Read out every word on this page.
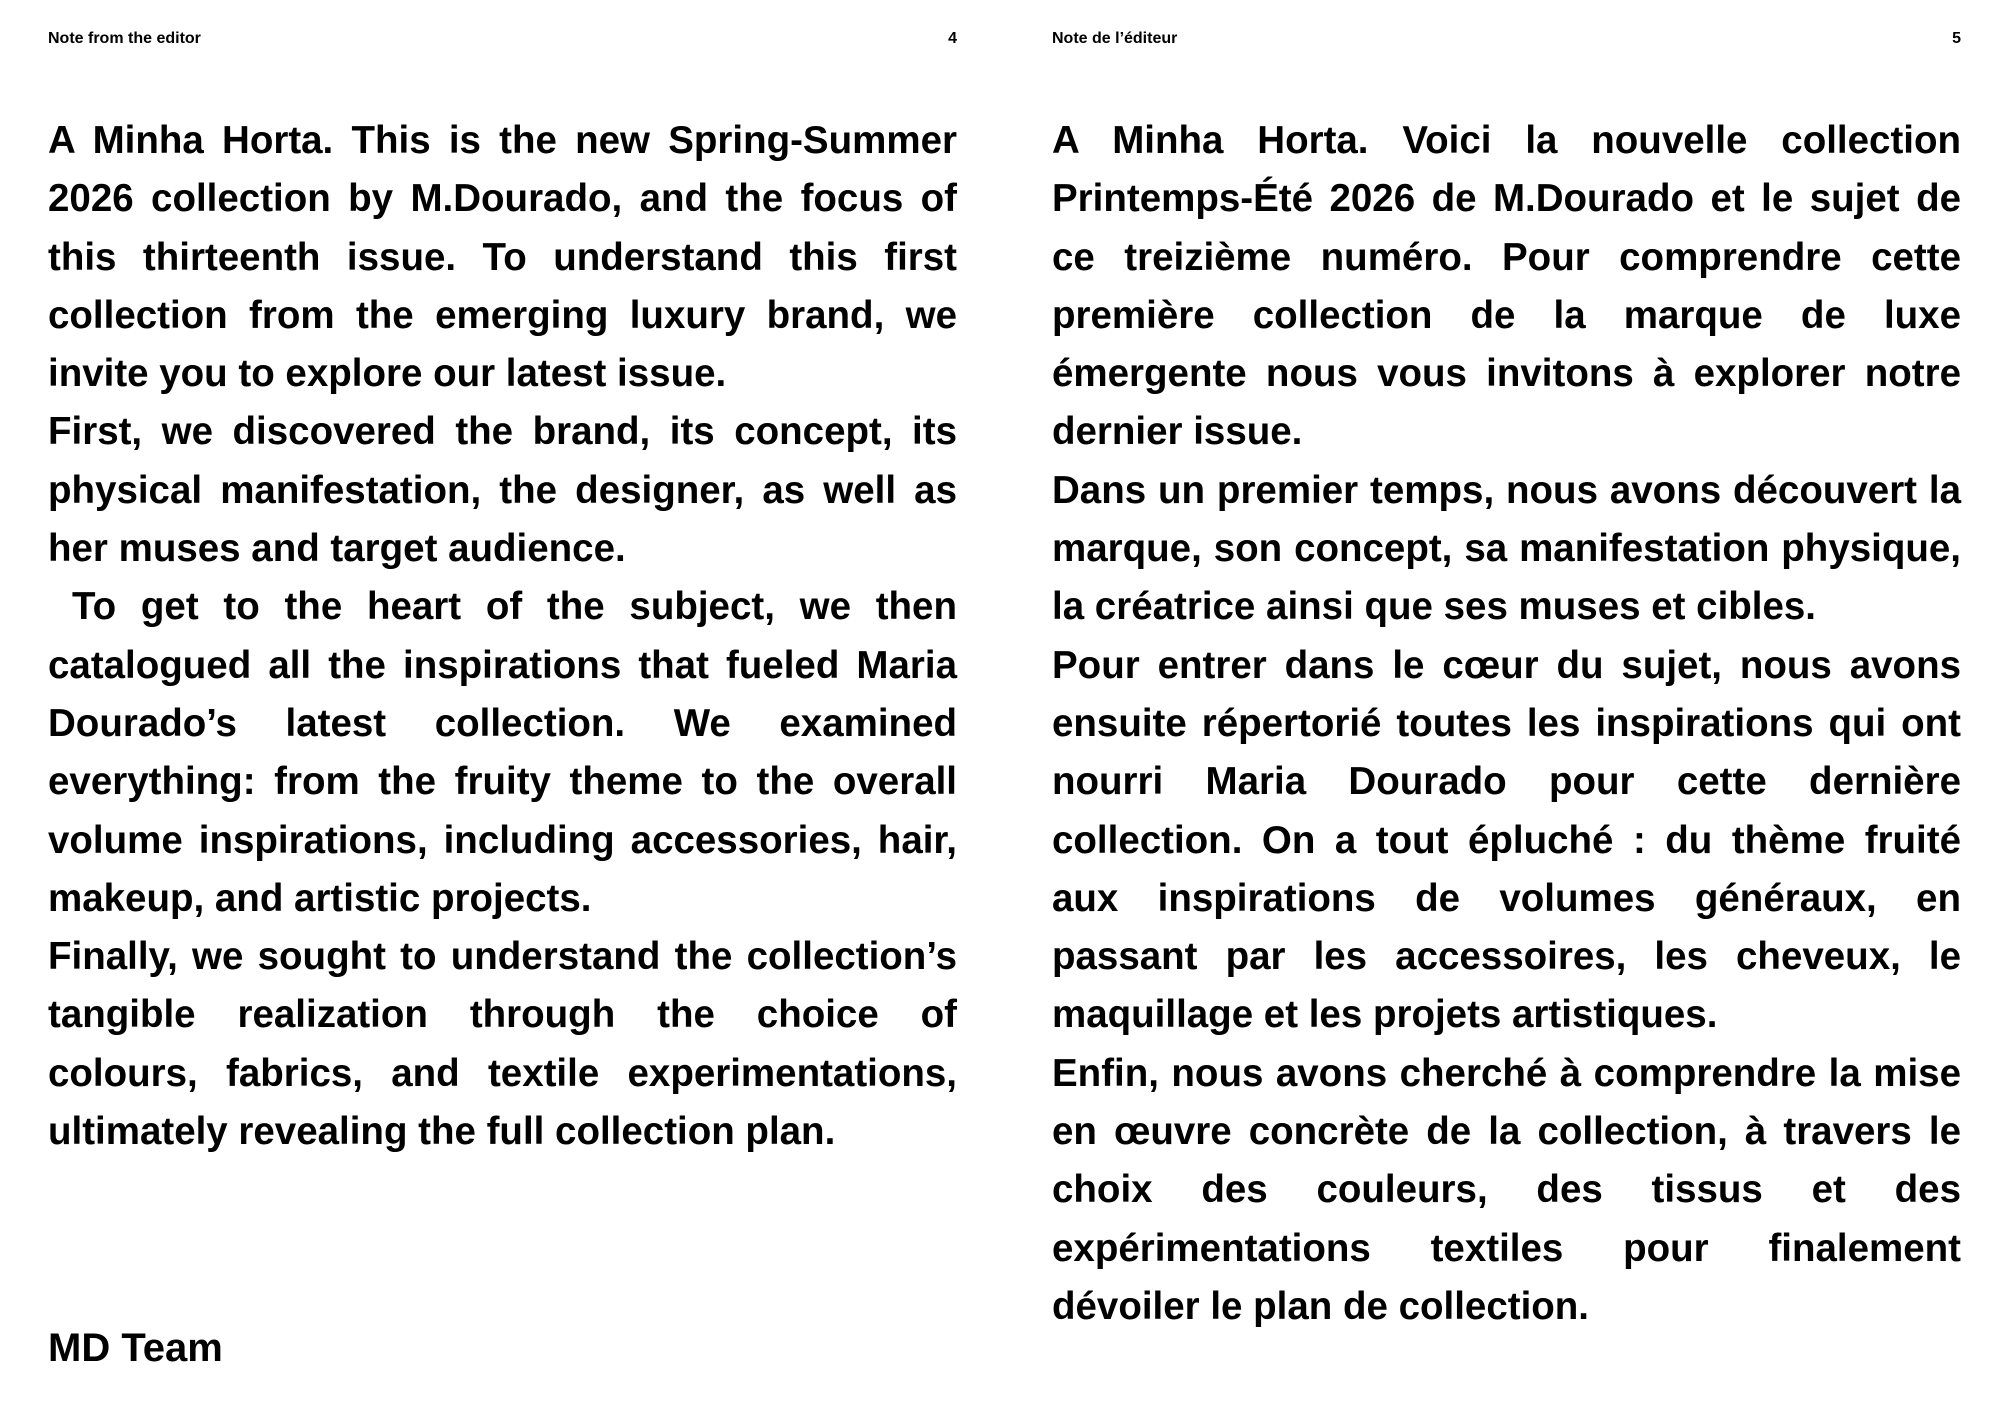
Note from the editor	4

A Minha Horta. This is the new Spring-Summer 2026 collection by M.Dourado, and the focus of this thirteenth issue. To understand this first collection from the emerging luxury brand, we invite you to explore our latest issue.

First, we discovered the brand, its concept, its physical manifestation, the designer, as well as her muses and target audience.

To get to the heart of the subject, we then catalogued all the inspirations that fueled Maria Dourado’s latest collection. We examined everything: from the fruity theme to the overall volume inspirations, including accessories, hair, makeup, and artistic projects.

Finally, we sought to understand the collection’s tangible realization through the choice of colours, fabrics, and textile experimentations, ultimately revealing the full collection plan.

MD Team
Note de l’éditeur	5

A Minha Horta. Voici la nouvelle collection Printemps-Été 2026 de M.Dourado et le sujet de ce treizième numéro. Pour comprendre cette première collection de la marque de luxe émergente nous vous invitons à explorer notre dernier issue.

Dans un premier temps, nous avons découvert la marque, son concept, sa manifestation physique, la créatrice ainsi que ses muses et cibles.

Pour entrer dans le cœur du sujet, nous avons ensuite répertorié toutes les inspirations qui ont nourri Maria Dourado pour cette dernière collection. On a tout épluché : du thème fruité aux inspirations de volumes généraux, en passant par les accessoires, les cheveux, le maquillage et les projets artistiques.

Enfin, nous avons cherché à comprendre la mise en œuvre concrète de la collection, à travers le choix des couleurs, des tissus et des expérimentations textiles pour finalement dévoiler le plan de collection.
